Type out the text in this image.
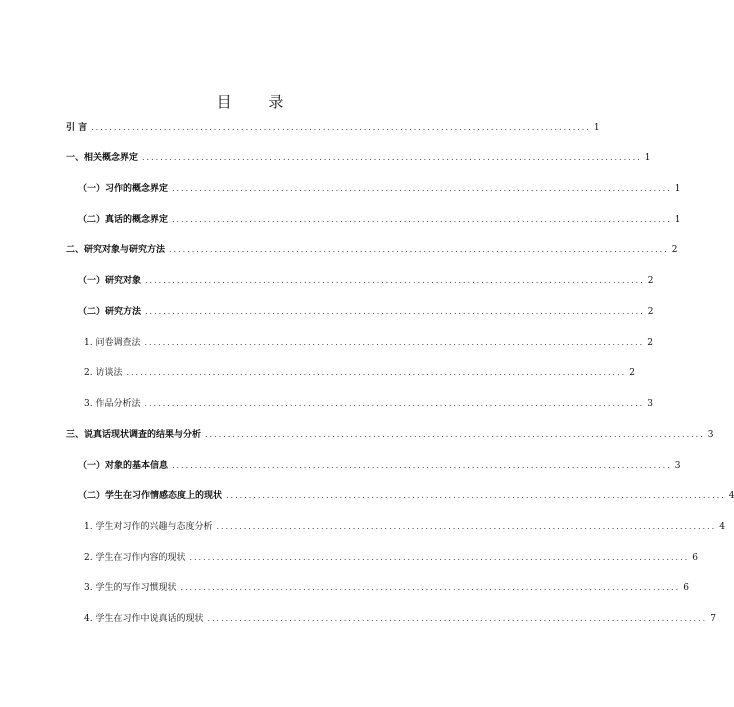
目 录
引 言 .............................................................................................................. 1
一、相关概念界定 .............................................................................................................. 1
（一）习作的概念界定 .............................................................................................................. 1
（二）真话的概念界定 .............................................................................................................. 1
二、研究对象与研究方法 .............................................................................................................. 2
（一）研究对象 .............................................................................................................. 2
（二）研究方法 .............................................................................................................. 2
1. 问卷调查法 .............................................................................................................. 2
2. 访谈法 .............................................................................................................. 2
3. 作品分析法 .............................................................................................................. 3
三、说真话现状调查的结果与分析 .............................................................................................................. 3
（一）对象的基本信息 .............................................................................................................. 3
（二）学生在习作情感态度上的现状 .............................................................................................................. 4
1. 学生对习作的兴趣与态度分析 .............................................................................................................. 4
2. 学生在习作内容的现状 .............................................................................................................. 6
3. 学生的写作习惯现状 .............................................................................................................. 6
4. 学生在习作中说真话的现状 .............................................................................................................. 7
